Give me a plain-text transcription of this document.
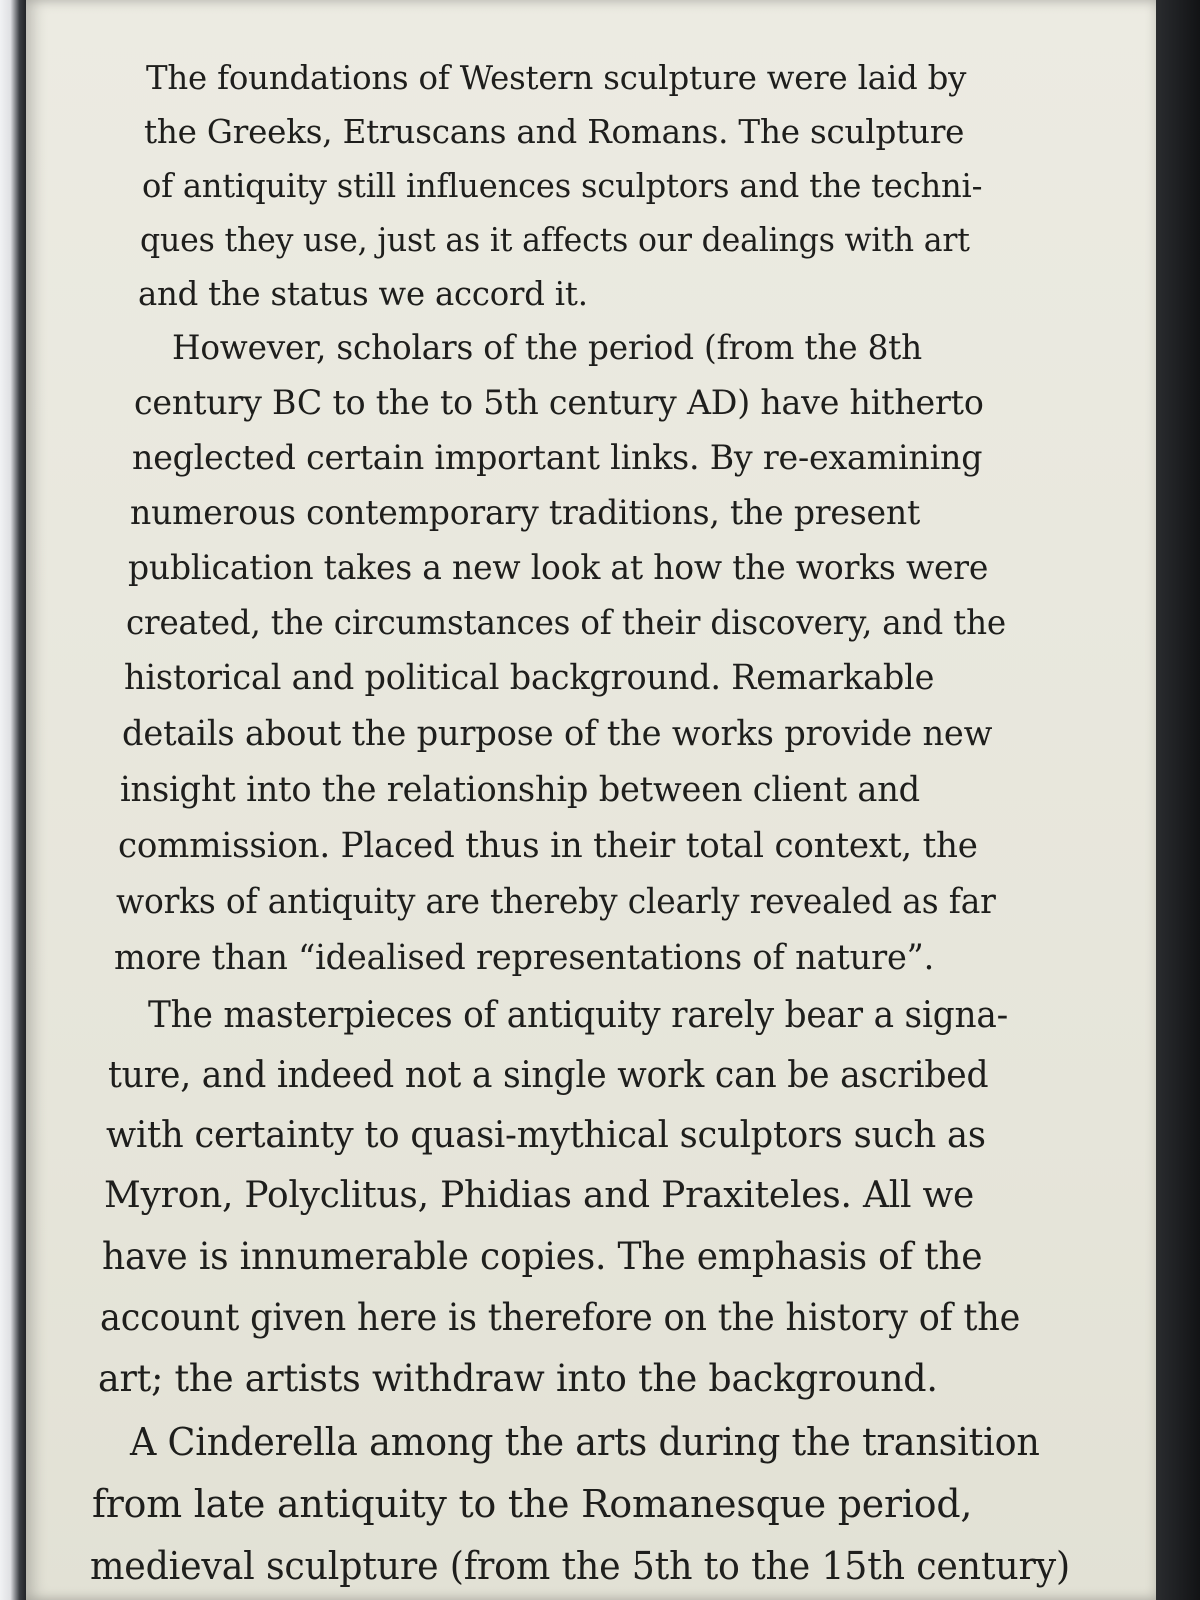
The foundations of Western sculpture were laid by
the Greeks, Etruscans and Romans. The sculpture
of antiquity still influences sculptors and the techni-
ques they use, just as it affects our dealings with art
and the status we accord it.
However, scholars of the period (from the 8th
century BC to the to 5th century AD) have hitherto
neglected certain important links. By re-examining
numerous contemporary traditions, the present
publication takes a new look at how the works were
created, the circumstances of their discovery, and the
historical and political background. Remarkable
details about the purpose of the works provide new
insight into the relationship between client and
commission. Placed thus in their total context, the
works of antiquity are thereby clearly revealed as far
more than “idealised representations of nature”.
The masterpieces of antiquity rarely bear a signa-
ture, and indeed not a single work can be ascribed
with certainty to quasi-mythical sculptors such as
Myron, Polyclitus, Phidias and Praxiteles. All we
have is innumerable copies. The emphasis of the
account given here is therefore on the history of the
art; the artists withdraw into the background.
A Cinderella among the arts during the transition
from late antiquity to the Romanesque period,
medieval sculpture (from the 5th to the 15th century)
